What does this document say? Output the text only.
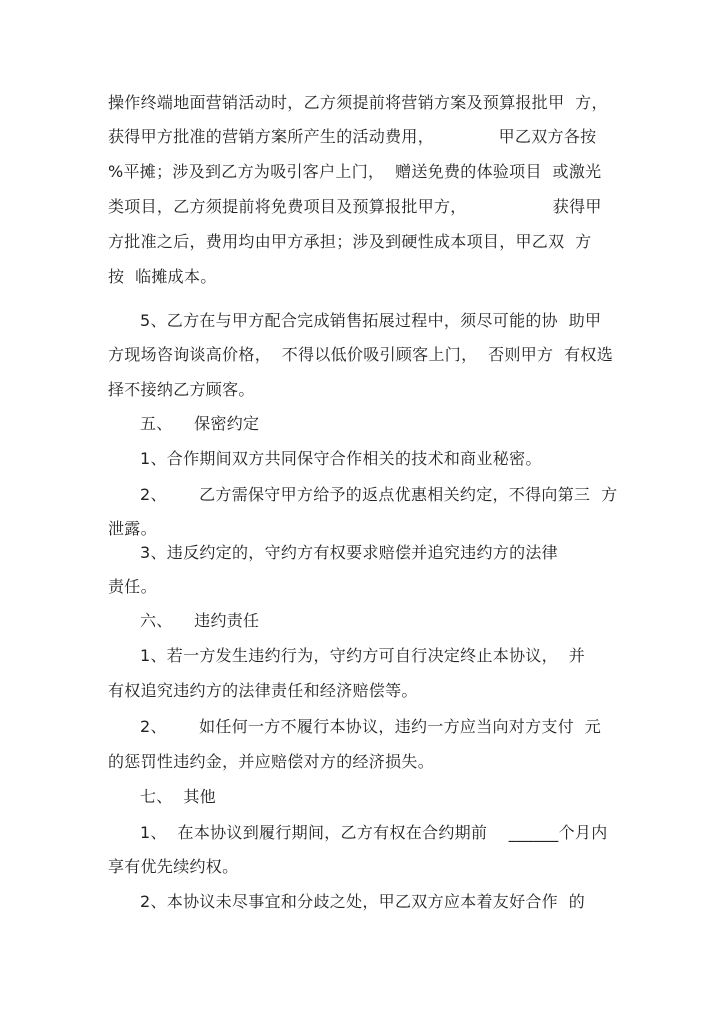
操作终端地面营销活动时，乙方须提前将营销方案及预算报批甲  方，
获得甲方批准的营销方案所产生的活动费用，            甲乙双方各按
%平摊；涉及到乙方为吸引客户上门，  赠送免费的体验项目  或激光
类项目，乙方须提前将免费项目及预算报批甲方，                获得甲
方批准之后，费用均由甲方承担；涉及到硬性成本项目，甲乙双  方
按  临摊成本。
5、乙方在与甲方配合完成销售拓展过程中，须尽可能的协  助甲
方现场咨询谈高价格，  不得以低价吸引顾客上门，  否则甲方  有权选
择不接纳乙方顾客。
五、    保密约定
1、合作期间双方共同保守合作相关的技术和商业秘密。
2、      乙方需保守甲方给予的返点优惠相关约定，不得向第三  方
泄露。
3、违反约定的，守约方有权要求赔偿并追究违约方的法律
责任。
六、    违约责任
1、若一方发生违约行为，守约方可自行决定终止本协议，  并
有权追究违约方的法律责任和经济赔偿等。
2、      如任何一方不履行本协议，违约一方应当向对方支付  元
的惩罚性违约金，并应赔偿对方的经济损失。
七、  其他
1、  在本协议到履行期间，乙方有权在合约期前    ______个月内
享有优先续约权。
2、本协议未尽事宜和分歧之处，甲乙双方应本着友好合作  的
